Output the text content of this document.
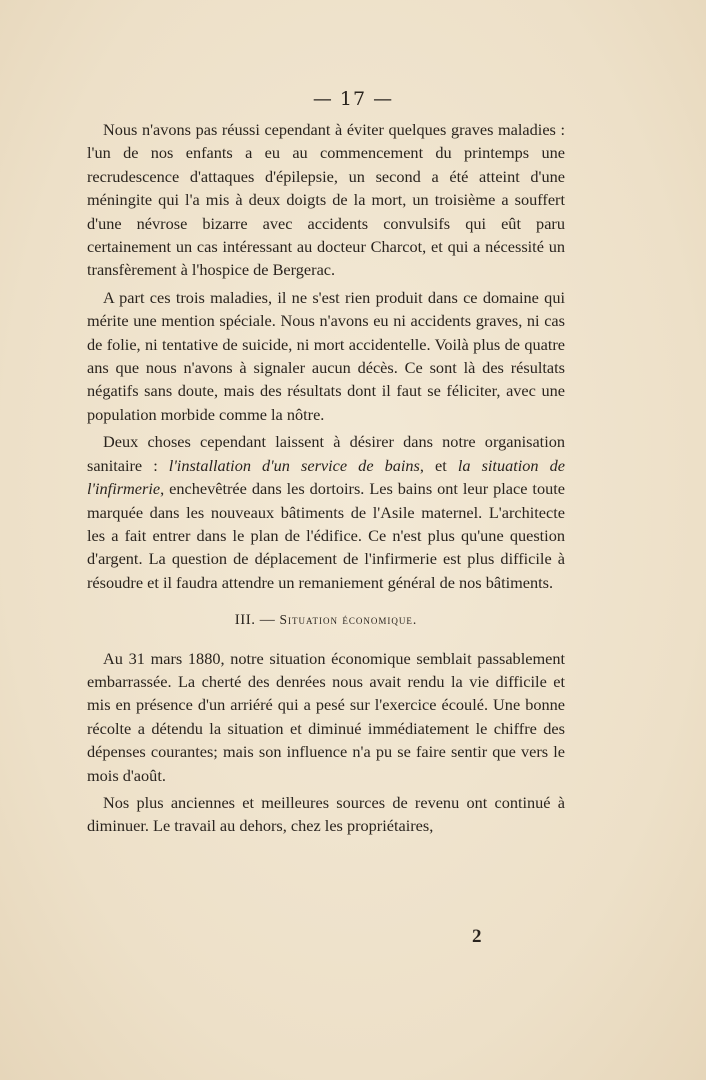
— 17 —

Nous n'avons pas réussi cependant à éviter quelques graves maladies : l'un de nos enfants a eu au commencement du printemps une recrudescence d'attaques d'épilepsie, un second a été atteint d'une méningite qui l'a mis à deux doigts de la mort, un troisième a souffert d'une névrose bizarre avec accidents convulsifs qui eût paru certainement un cas intéressant au docteur Charcot, et qui a nécessité un transfèrement à l'hospice de Bergerac.

A part ces trois maladies, il ne s'est rien produit dans ce domaine qui mérite une mention spéciale. Nous n'avons eu ni accidents graves, ni cas de folie, ni tentative de suicide, ni mort accidentelle. Voilà plus de quatre ans que nous n'avons à signaler aucun décès. Ce sont là des résultats négatifs sans doute, mais des résultats dont il faut se féliciter, avec une population morbide comme la nôtre.

Deux choses cependant laissent à désirer dans notre organisation sanitaire : l'installation d'un service de bains, et la situation de l'infirmerie, enchevêtrée dans les dortoirs. Les bains ont leur place toute marquée dans les nouveaux bâtiments de l'Asile maternel. L'architecte les a fait entrer dans le plan de l'édifice. Ce n'est plus qu'une question d'argent. La question de déplacement de l'infirmerie est plus difficile à résoudre et il faudra attendre un remaniement général de nos bâtiments.

III. — Situation économique.

Au 31 mars 1880, notre situation économique semblait passablement embarrassée. La cherté des denrées nous avait rendu la vie difficile et mis en présence d'un arriéré qui a pesé sur l'exercice écoulé. Une bonne récolte a détendu la situation et diminué immédiatement le chiffre des dépenses courantes; mais son influence n'a pu se faire sentir que vers le mois d'août.

Nos plus anciennes et meilleures sources de revenu ont continué à diminuer. Le travail au dehors, chez les propriétaires,

2
